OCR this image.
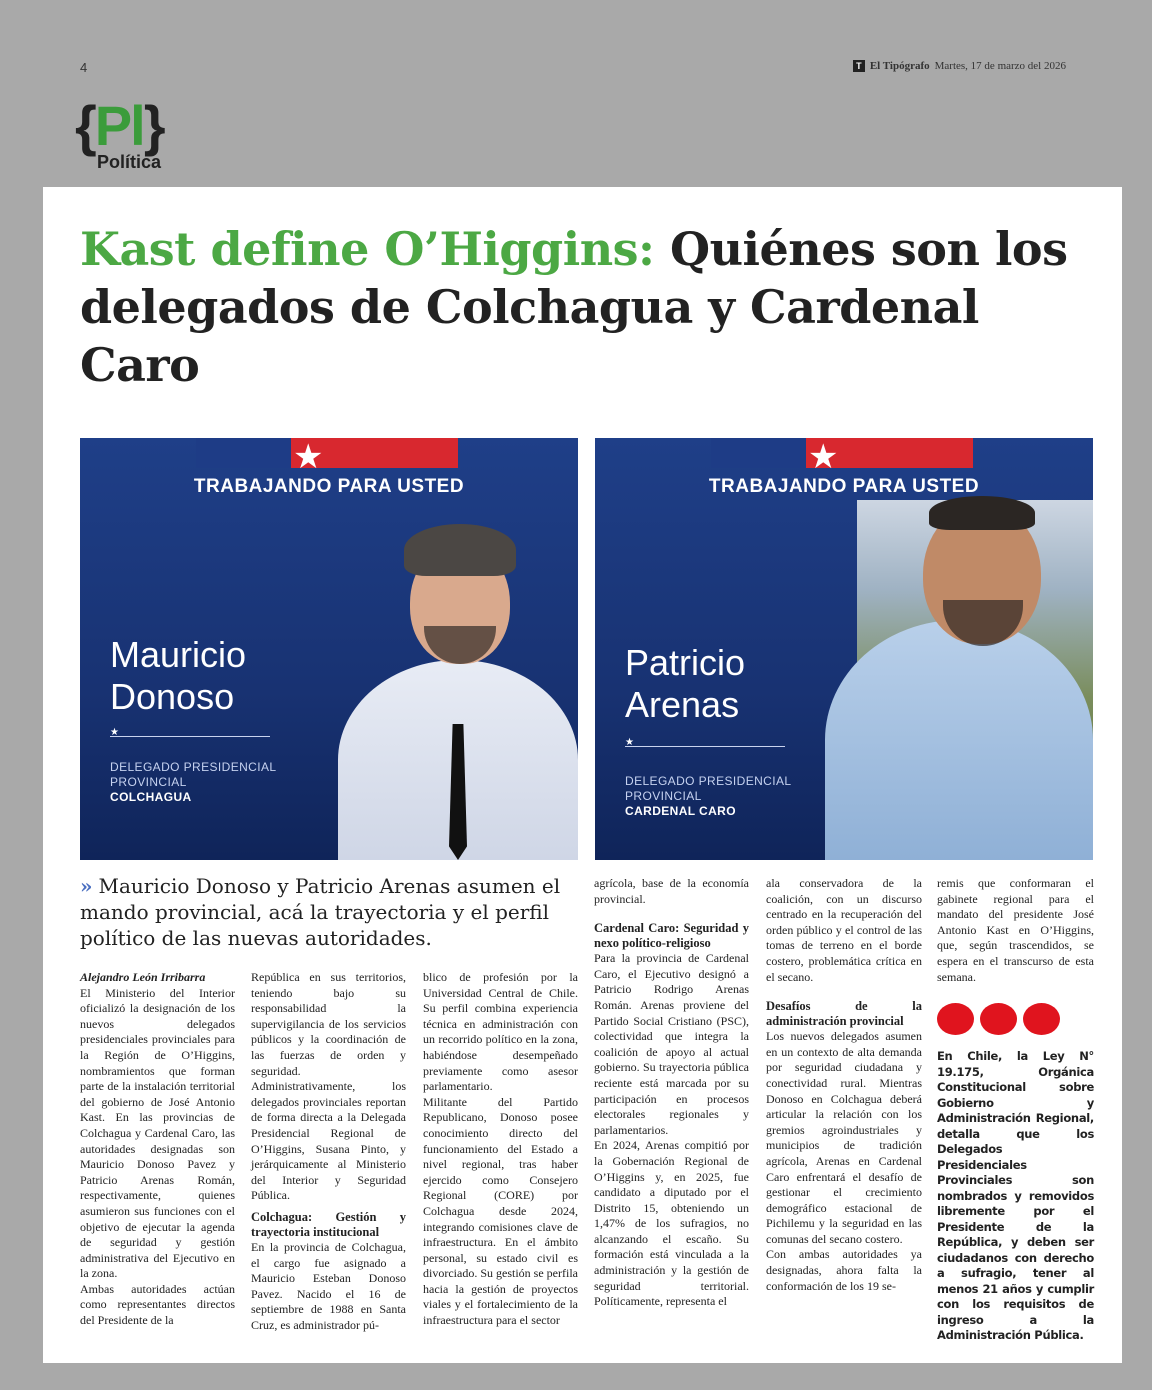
4	T El Tipógrafo Martes, 17 de marzo del 2026
{Pl}
Política
Kast define O’Higgins: Quiénes son los delegados de Colchagua y Cardenal Caro
★
TRABAJANDO PARA USTED
Mauricio
Donoso
★
DELEGADO PRESIDENCIAL
PROVINCIAL
COLCHAGUA
★
TRABAJANDO PARA USTED
Patricio
Arenas
★
DELEGADO PRESIDENCIAL
PROVINCIAL
CARDENAL CARO
» Mauricio Donoso y Patricio Arenas asumen el mando provincial, acá la trayectoria y el perfil político de las nuevas autoridades.

Alejandro León Irribarra

El Ministerio del Interior oficializó la designación de los nuevos delegados presidenciales provinciales para la Región de O’Higgins, nombramientos que forman parte de la instalación territorial del gobierno de José Antonio Kast. En las provincias de Colchagua y Cardenal Caro, las autoridades designadas son Mauricio Donoso Pavez y Patricio Arenas Román, respectivamente, quienes asumieron sus funciones con el objetivo de ejecutar la agenda de seguridad y gestión administrativa del Ejecutivo en la zona.

Ambas autoridades actúan como representantes directos del Presidente de la

República en sus territorios, teniendo bajo su responsabilidad la supervigilancia de los servicios públicos y la coordinación de las fuerzas de orden y seguridad. Administrativamente, los delegados provinciales reportan de forma directa a la Delegada Presidencial Regional de O’Higgins, Susana Pinto, y jerárquicamente al Ministerio del Interior y Seguridad Pública.

Colchagua: Gestión y trayectoria institucional

En la provincia de Colchagua, el cargo fue asignado a Mauricio Esteban Donoso Pavez. Nacido el 16 de septiembre de 1988 en Santa Cruz, es administrador pú-

blico de profesión por la Universidad Central de Chile. Su perfil combina experiencia técnica en administración con un recorrido político en la zona, habiéndose desempeñado previamente como asesor parlamentario.

Militante del Partido Republicano, Donoso posee conocimiento directo del funcionamiento del Estado a nivel regional, tras haber ejercido como Consejero Regional (CORE) por Colchagua desde 2024, integrando comisiones clave de infraestructura. En el ámbito personal, su estado civil es divorciado. Su gestión se perfila hacia la gestión de proyectos viales y el fortalecimiento de la infraestructura para el sector

agrícola, base de la economía provincial.

Cardenal Caro: Seguridad y nexo político-religioso

Para la provincia de Cardenal Caro, el Ejecutivo designó a Patricio Rodrigo Arenas Román. Arenas proviene del Partido Social Cristiano (PSC), colectividad que integra la coalición de apoyo al actual gobierno. Su trayectoria pública reciente está marcada por su participación en procesos electorales regionales y parlamentarios.

En 2024, Arenas compitió por la Gobernación Regional de O’Higgins y, en 2025, fue candidato a diputado por el Distrito 15, obteniendo un 1,47% de los sufragios, no alcanzando el escaño. Su formación está vinculada a la administración y la gestión de seguridad territorial. Políticamente, representa el

ala conservadora de la coalición, con un discurso centrado en la recuperación del orden público y el control de las tomas de terreno en el borde costero, problemática crítica en el secano.

Desafíos de la administración provincial

Los nuevos delegados asumen en un contexto de alta demanda por seguridad ciudadana y conectividad rural. Mientras Donoso en Colchagua deberá articular la relación con los gremios agroindustriales y municipios de tradición agrícola, Arenas en Cardenal Caro enfrentará el desafío de gestionar el crecimiento demográfico estacional de Pichilemu y la seguridad en las comunas del secano costero.

Con ambas autoridades ya designadas, ahora falta la conformación de los 19 se-

remis que conformaran el gabinete regional para el mandato del presidente José Antonio Kast en O’Higgins, que, según trascendidos, se espera en el transcurso de esta semana.

En Chile, la Ley N° 19.175, Orgánica Constitucional sobre Gobierno y Administración Regional, detalla que los Delegados Presidenciales Provinciales son nombrados y removidos libremente por el Presidente de la República, y deben ser ciudadanos con derecho a sufragio, tener al menos 21 años y cumplir con los requisitos de ingreso a la Administración Pública.
